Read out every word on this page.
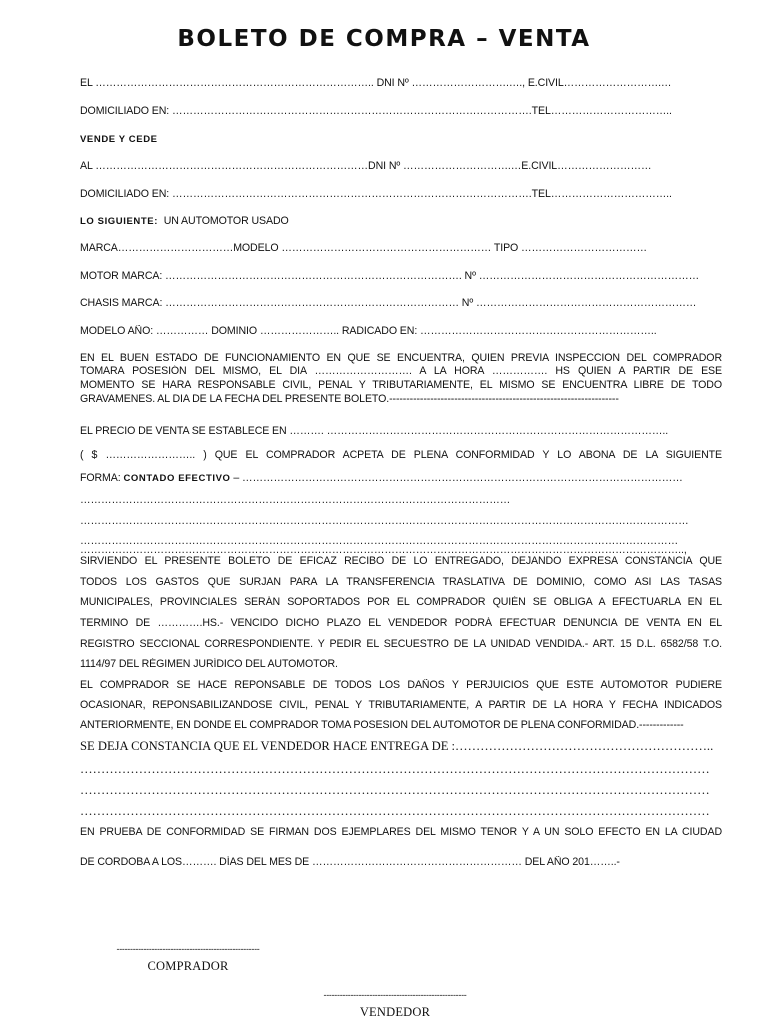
BOLETO DE COMPRA – VENTA
EL …………………………………………………………………….. DNI Nº ……………………….…., E.CIVIL……………………….…
DOMICILIADO EN: ………………………………………………………………………………………….TEL……………………………..
VENDE Y CEDE
AL ……………………………………………………………………DNI Nº ………………………….…E.CIVIL………………………
DOMICILIADO EN: ………………………………………………………………………………………….TEL……………………………..
LO SIGUIENTE: UN AUTOMOTOR USADO
MARCA……………………………MODELO …………………………………………………… TIPO ………………………………
MOTOR MARCA: …………………………………………………………………………. Nº ………………………………………………………
CHASIS MARCA: ………………………………………………………………………… Nº ………………………………………………………
MODELO AÑO: …………… DOMINIO ………………….. RADICADO EN: …………………………………………………………..
EN EL BUEN ESTADO DE FUNCIONAMIENTO EN QUE SE ENCUENTRA, QUIEN PREVIA INSPECCION DEL COMPRADOR
TOMARA POSESIÓN DEL MISMO, EL DIA ………………………. A LA HORA ……………. HS QUIEN A PARTIR DE ESE
MOMENTO SE HARA RESPONSABLE CIVIL, PENAL Y TRIBUTARIAMENTE, EL MISMO SE ENCUENTRA LIBRE DE TODO
GRAVAMENES. AL DIA DE LA FECHA DEL PRESENTE BOLETO.-------------------------------------------------------------------
EL PRECIO DE VENTA SE ESTABLECE EN ………. ……………………………………………………………………………………..
( $ …………………….. ) QUE EL COMPRADOR ACPETA DE PLENA CONFORMIDAD Y LO ABONA DE LA SIGUIENTE
FORMA: CONTADO EFECTIVO – ………………………………………………………………………………………………………………
……………………………………………………………………………………………………………
…………………………………………………………………………………………………………………………………………………………
………………………………………………………………………………………………………………………………………………………
SIRVIENDO EL PRESENTE BOLETO DE EFICAZ RECIBO DE LO ENTREGADO, DEJANDO EXPRESA CONSTANCIA QUE
TODOS LOS GASTOS QUE SURJAN PARA LA TRANSFERENCIA TRASLATIVA DE DOMINIO, COMO ASI LAS TASAS
MUNICIPALES, PROVINCIALES SERÁN SOPORTADOS POR EL COMPRADOR QUIÉN SE OBLIGA A EFECTUARLA EN EL
TERMINO DE ………….HS.- VENCIDO DICHO PLAZO EL VENDEDOR PODRÁ EFECTUAR DENUNCIA DE VENTA EN EL
REGISTRO SECCIONAL CORRESPONDIENTE. Y PEDIR EL SECUESTRO DE LA UNIDAD VENDIDA.- ART. 15 D.L. 6582/58 T.O.
1114/97 DEL RÉGIMEN JURÍDICO DEL AUTOMOTOR.
EL COMPRADOR SE HACE REPONSABLE DE TODOS LOS DAÑOS Y PERJUICIOS QUE ESTE AUTOMOTOR PUDIERE
OCASIONAR, REPONSABILIZANDOSE CIVIL, PENAL Y TRIBUTARIAMENTE, A PARTIR DE LA HORA Y FECHA INDICADOS
ANTERIORMENTE, EN DONDE EL COMPRADOR TOMA POSESION DEL AUTOMOTOR DE PLENA CONFORMIDAD.-------------
SE DEJA CONSTANCIA QUE EL VENDEDOR HACE ENTREGA DE :……………………………………………………..
……………………………………………………………………………………………………………………………………
……………………………………………………………………………………………………………………………………
……………………………………………………………………………………………………………………………………
EN PRUEBA DE CONFORMIDAD SE FIRMAN DOS EJEMPLARES DEL MISMO TENOR Y A UN SOLO EFECTO EN LA CIUDAD
DE CORDOBA A LOS………. DÍAS DEL MES DE …………………………………………………… DEL AÑO 201……..-
-----------------------------------------------------
COMPRADOR
-----------------------------------------------------
VENDEDOR
………………………………………………………………………………………………………………………………………………………..,
